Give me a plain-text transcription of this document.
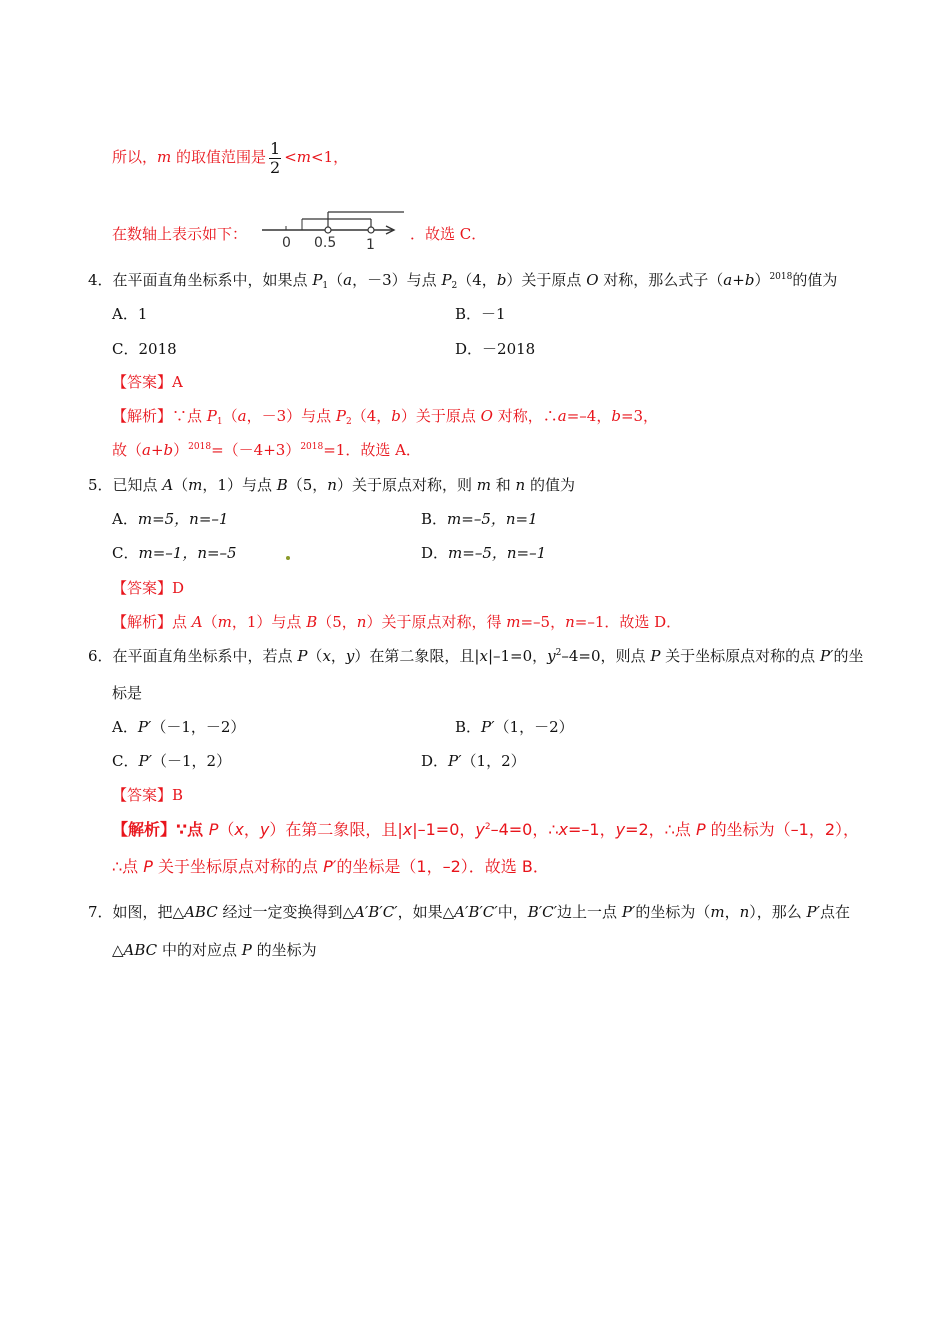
所以，m 的取值范围是 $\frac{1}{2} <m<1$，
在数轴上表示如下： 0 0.5 1
．故选 C．
4．在平面直角坐标系中，如果点 $P_1(a$，－3）与点 $P_2(4$，b）关于原点 O 对称，那么式子$(a+b)^{2018}$的值为
A．1	B．－1
C．2018	D．－2018
【答案】A
【解析】∵点 $P_1(a$，－3）与点 $P_2(4$，b）关于原点 O 对称，∴a=–4，b=3，
故$(a+b)^{2018}=(-4+3)^{2018}=1$．故选 A．
5．已知点 A（m，1）与点 B（5，n）关于原点对称，则 m 和 n 的值为
A．m=5，n=–1	B．m=–5，n=1
C．m=–1，n=–5	D．m=–5，n=–1
【答案】D
【解析】点 A（m，1）与点 B（5，n）关于原点对称，得 m=–5，n=–1．故选 D．
6．在平面直角坐标系中，若点 P（x，y）在第二象限，且|x|–1=0，$y^2-4=0$，则点 P 关于坐标原点对称的点 P′的坐
标是
A．P′（－1，－2）	B．P′（1，－2）
C．P′（－1，2）	D．P′（1，2）
【答案】B
【解析】∵点 P（x，y）在第二象限，且|x|–1=0，$y^2-4=0$，∴x=–1，y=2，∴点 P 的坐标为（–1，2），
∴点 P 关于坐标原点对称的点 P′的坐标是（1，–2）．故选 B．
7．如图，把△ABC 经过一定变换得到△A′B′C′，如果△A′B′C′中，B′C′边上一点 P′的坐标为（m，n），那么 P′点在
△ABC 中的对应点 P 的坐标为
